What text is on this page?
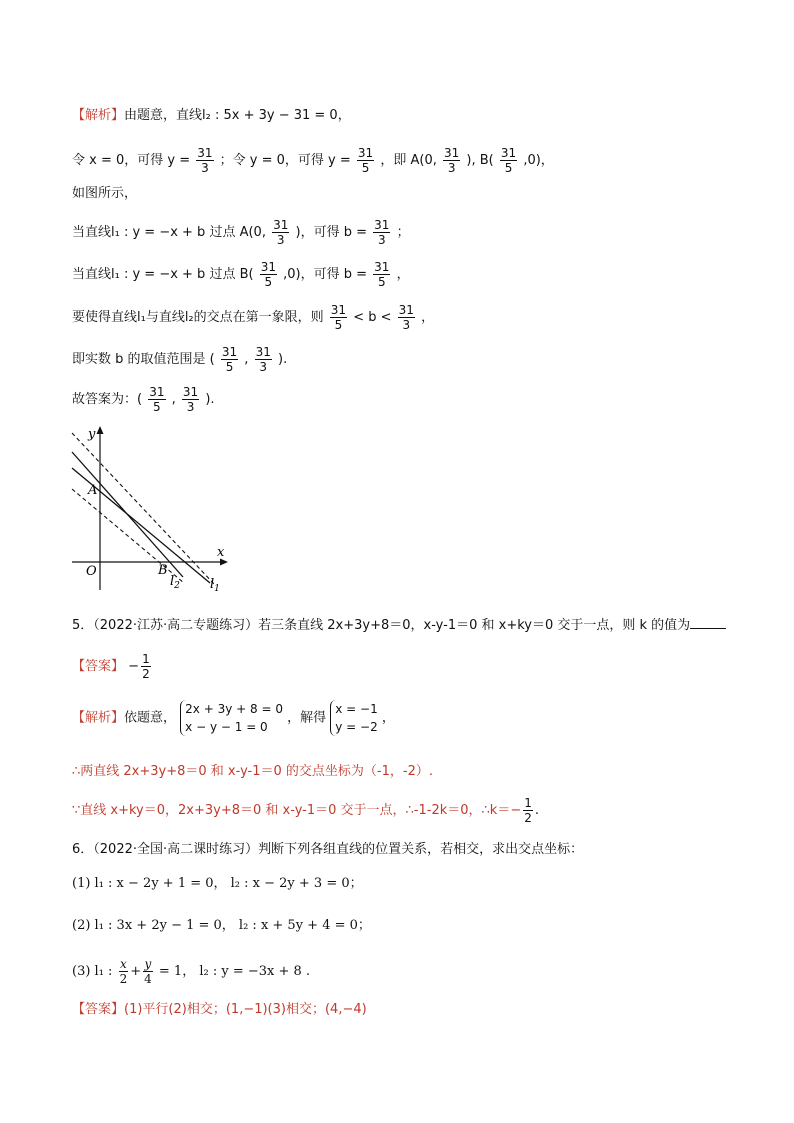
【解析】由题意，直线l₂ : 5x + 3y − 31 = 0，
令 x = 0，可得 $y = \frac{31}{3}$ ；令 y = 0，可得 $y = \frac{31}{5}$ ，即 A(0, $\frac{31}{3}$ ), $B( \frac{31}{5} ,0)$，
如图所示，
当直线l₁ : y = −x + b 过点 A(0, $\frac{31}{3}$ )，可得 $b = \frac{31}{3}$ ；
当直线l₁ : y = −x + b 过点 $B( \frac{31}{5} ,0)$，可得 $b = \frac{31}{5}$ ，
要使得直线l₁与直线l₂的交点在第一象限，则 $\frac{31}{5} < b < \frac{31}{3}$ ，
即实数 b 的取值范围是 ( $\frac{31}{5}$ , $\frac{31}{3}$ ).
故答案为：( $\frac{31}{5}$ , $\frac{31}{3}$ ).
y
x
O
A
B
$l_2$ $l_1$
5．（2022·江苏·高二专题练习）若三条直线 2x+3y+8＝0，x-y-1＝0 和 x+ky＝0 交于一点，则 k 的值为
【答案】 − $\frac{1}{2}$
【解析】依题意，
2x + 3y + 8 = 0
x − y − 1 = 0
，解得
x = −1
y = −2
，
∴两直线 2x+3y+8＝0 和 x-y-1＝0 的交点坐标为（-1，-2）.
∵直线 x+ky＝0，2x+3y+8＝0 和 x-y-1＝0 交于一点，∴-1-2k＝0，∴k＝− $\frac{1}{2}$ .
6．（2022·全国·高二课时练习）判断下列各组直线的位置关系，若相交，求出交点坐标：
(1) l₁ : x − 2y + 1 = 0， l₂ : x − 2y + 3 = 0；
(2) l₁ : 3x + 2y − 1 = 0， l₂ : x + 5y + 4 = 0；
(3) l₁ : $\frac{x}{2} + \frac{y}{4} = 1$， l₂ : y = −3x + 8 .
【答案】(1)平行(2)相交；(1,−1)(3)相交；(4,−4)
